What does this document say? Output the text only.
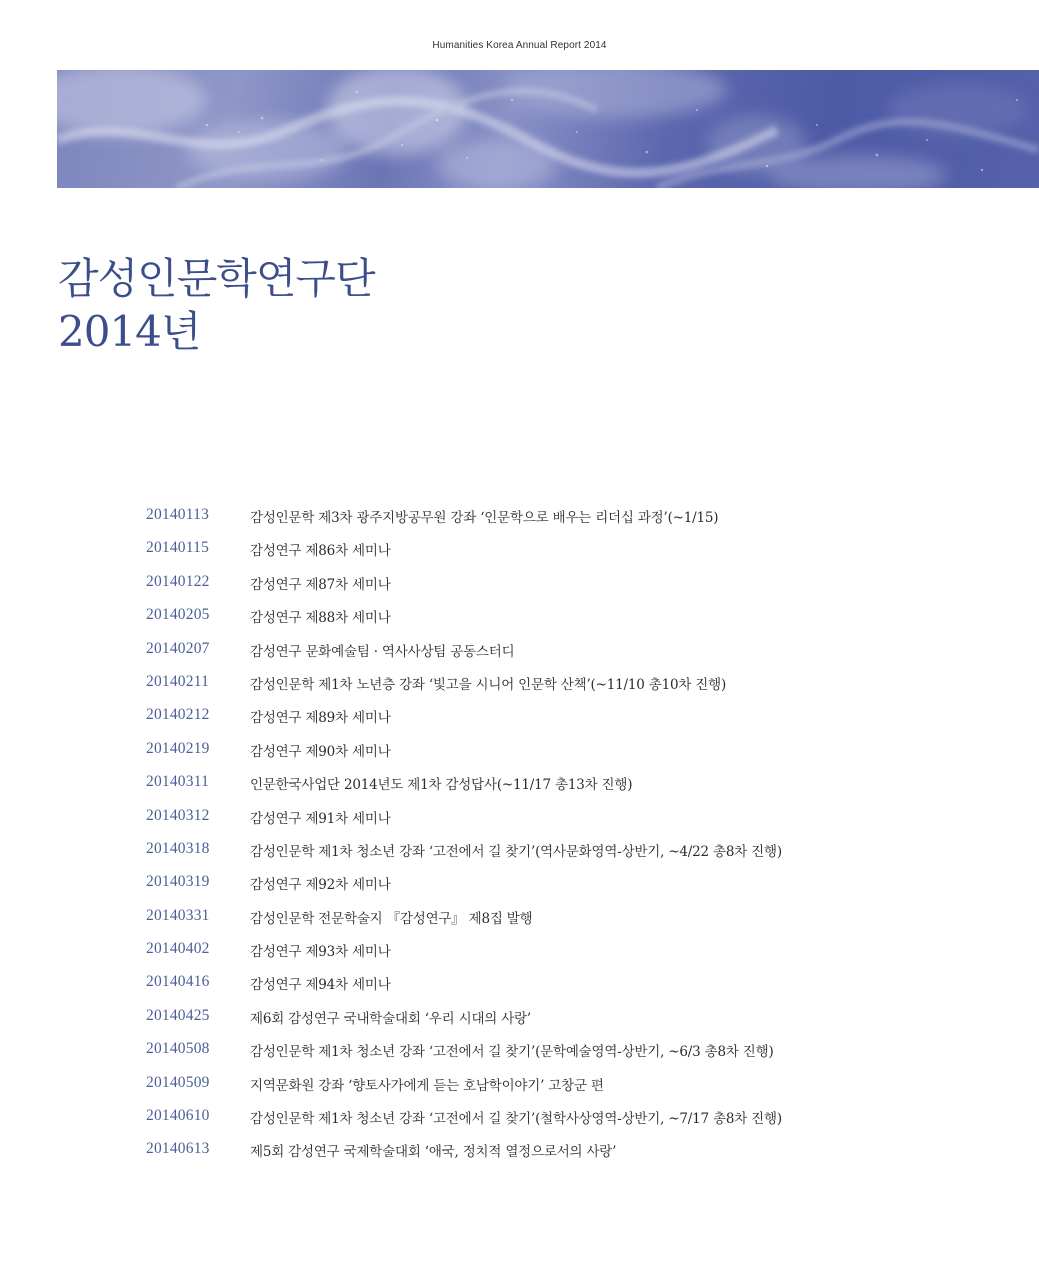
Humanities Korea Annual Report 2014
감성인문학연구단
2014년
20140113	감성인문학 제3차 광주지방공무원 강좌 ‘인문학으로 배우는 리더십 과정’(~1/15)
20140115	감성연구 제86차 세미나
20140122	감성연구 제87차 세미나
20140205	감성연구 제88차 세미나
20140207	감성연구 문화예술팀 · 역사사상팀 공동스터디
20140211	감성인문학 제1차 노년층 강좌 ‘빛고을 시니어 인문학 산책’(~11/10 총10차 진행)
20140212	감성연구 제89차 세미나
20140219	감성연구 제90차 세미나
20140311	인문한국사업단 2014년도 제1차 감성답사(~11/17 총13차 진행)
20140312	감성연구 제91차 세미나
20140318	감성인문학 제1차 청소년 강좌 ‘고전에서 길 찾기’(역사문화영역-상반기, ~4/22 총8차 진행)
20140319	감성연구 제92차 세미나
20140331	감성인문학 전문학술지 『감성연구』 제8집 발행
20140402	감성연구 제93차 세미나
20140416	감성연구 제94차 세미나
20140425	제6회 감성연구 국내학술대회 ‘우리 시대의 사랑’
20140508	감성인문학 제1차 청소년 강좌 ‘고전에서 길 찾기’(문학예술영역-상반기, ~6/3 총8차 진행)
20140509	지역문화원 강좌 ‘향토사가에게 듣는 호남학이야기’ 고창군 편
20140610	감성인문학 제1차 청소년 강좌 ‘고전에서 길 찾기’(철학사상영역-상반기, ~7/17 총8차 진행)
20140613	제5회 감성연구 국제학술대회 ‘애국, 정치적 열정으로서의 사랑’
